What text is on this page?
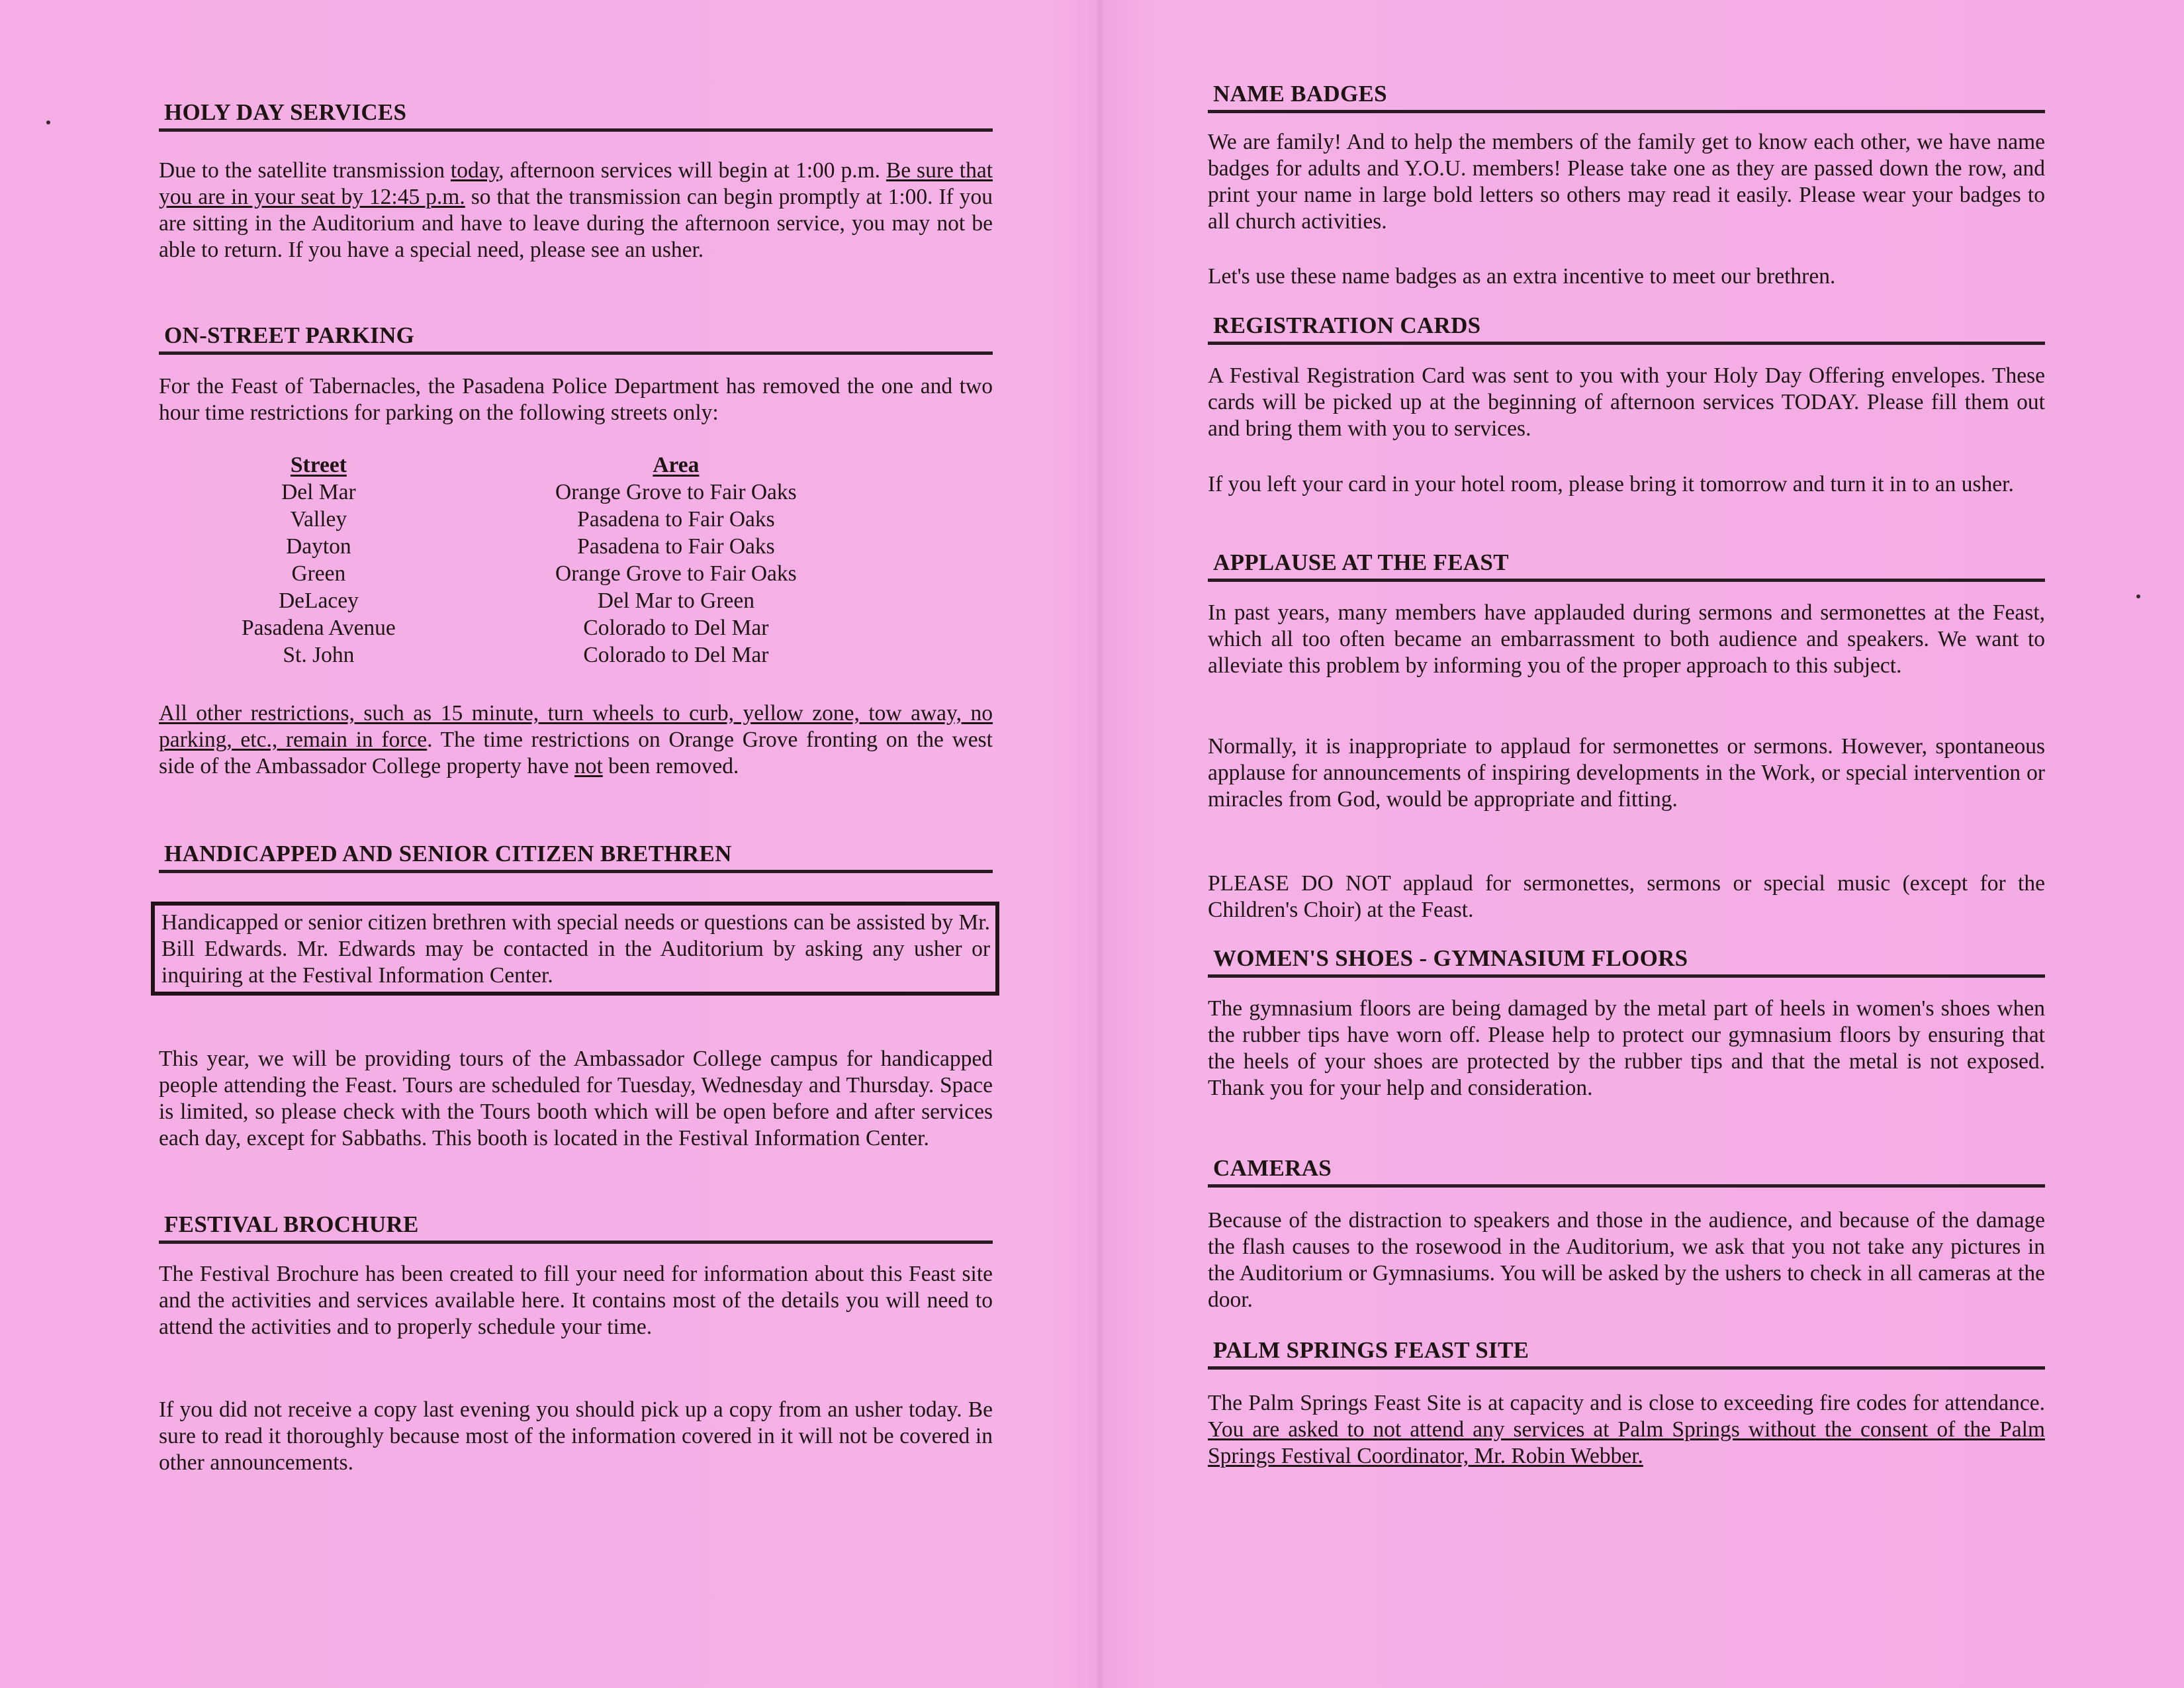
HOLY DAY SERVICES

Due to the satellite transmission today, afternoon services will begin at 1:00 p.m. Be sure that you are in your seat by 12:45 p.m. so that the transmission can begin promptly at 1:00. If you are sitting in the Auditorium and have to leave during the afternoon service, you may not be able to return. If you have a special need, please see an usher.

ON-STREET PARKING

For the Feast of Tabernacles, the Pasadena Police Department has removed the one and two hour time restrictions for parking on the following streets only:

Street	Area
Del Mar	Orange Grove to Fair Oaks
Valley	Pasadena to Fair Oaks
Dayton	Pasadena to Fair Oaks
Green	Orange Grove to Fair Oaks
DeLacey	Del Mar to Green
Pasadena Avenue	Colorado to Del Mar
St. John	Colorado to Del Mar

All other restrictions, such as 15 minute, turn wheels to curb, yellow zone, tow away, no parking, etc., remain in force. The time restrictions on Orange Grove fronting on the west side of the Ambassador College property have not been removed.

HANDICAPPED AND SENIOR CITIZEN BRETHREN
Handicapped or senior citizen brethren with special needs or questions can be assisted by Mr. Bill Edwards. Mr. Edwards may be contacted in the Auditorium by asking any usher or inquiring at the Festival Information Center.

This year, we will be providing tours of the Ambassador College campus for handicapped people attending the Feast. Tours are scheduled for Tuesday, Wednesday and Thursday. Space is limited, so please check with the Tours booth which will be open before and after services each day, except for Sabbaths. This booth is located in the Festival Information Center.

FESTIVAL BROCHURE

The Festival Brochure has been created to fill your need for information about this Feast site and the activities and services available here. It contains most of the details you will need to attend the activities and to properly schedule your time.

If you did not receive a copy last evening you should pick up a copy from an usher today. Be sure to read it thoroughly because most of the information covered in it will not be covered in other announcements.

NAME BADGES

We are family! And to help the members of the family get to know each other, we have name badges for adults and Y.O.U. members! Please take one as they are passed down the row, and print your name in large bold letters so others may read it easily. Please wear your badges to all church activities.

Let's use these name badges as an extra incentive to meet our brethren.

REGISTRATION CARDS

A Festival Registration Card was sent to you with your Holy Day Offering envelopes. These cards will be picked up at the beginning of afternoon services TODAY. Please fill them out and bring them with you to services.

If you left your card in your hotel room, please bring it tomorrow and turn it in to an usher.

APPLAUSE AT THE FEAST

In past years, many members have applauded during sermons and sermonettes at the Feast, which all too often became an embarrassment to both audience and speakers. We want to alleviate this problem by informing you of the proper approach to this subject.

Normally, it is inappropriate to applaud for sermonettes or sermons. However, spontaneous applause for announcements of inspiring developments in the Work, or special intervention or miracles from God, would be appropriate and fitting.

PLEASE DO NOT applaud for sermonettes, sermons or special music (except for the Children's Choir) at the Feast.

WOMEN'S SHOES - GYMNASIUM FLOORS

The gymnasium floors are being damaged by the metal part of heels in women's shoes when the rubber tips have worn off. Please help to protect our gymnasium floors by ensuring that the heels of your shoes are protected by the rubber tips and that the metal is not exposed. Thank you for your help and consideration.

CAMERAS

Because of the distraction to speakers and those in the audience, and because of the damage the flash causes to the rosewood in the Auditorium, we ask that you not take any pictures in the Auditorium or Gymnasiums. You will be asked by the ushers to check in all cameras at the door.

PALM SPRINGS FEAST SITE

The Palm Springs Feast Site is at capacity and is close to exceeding fire codes for attendance. You are asked to not attend any services at Palm Springs without the consent of the Palm Springs Festival Coordinator, Mr. Robin Webber.
